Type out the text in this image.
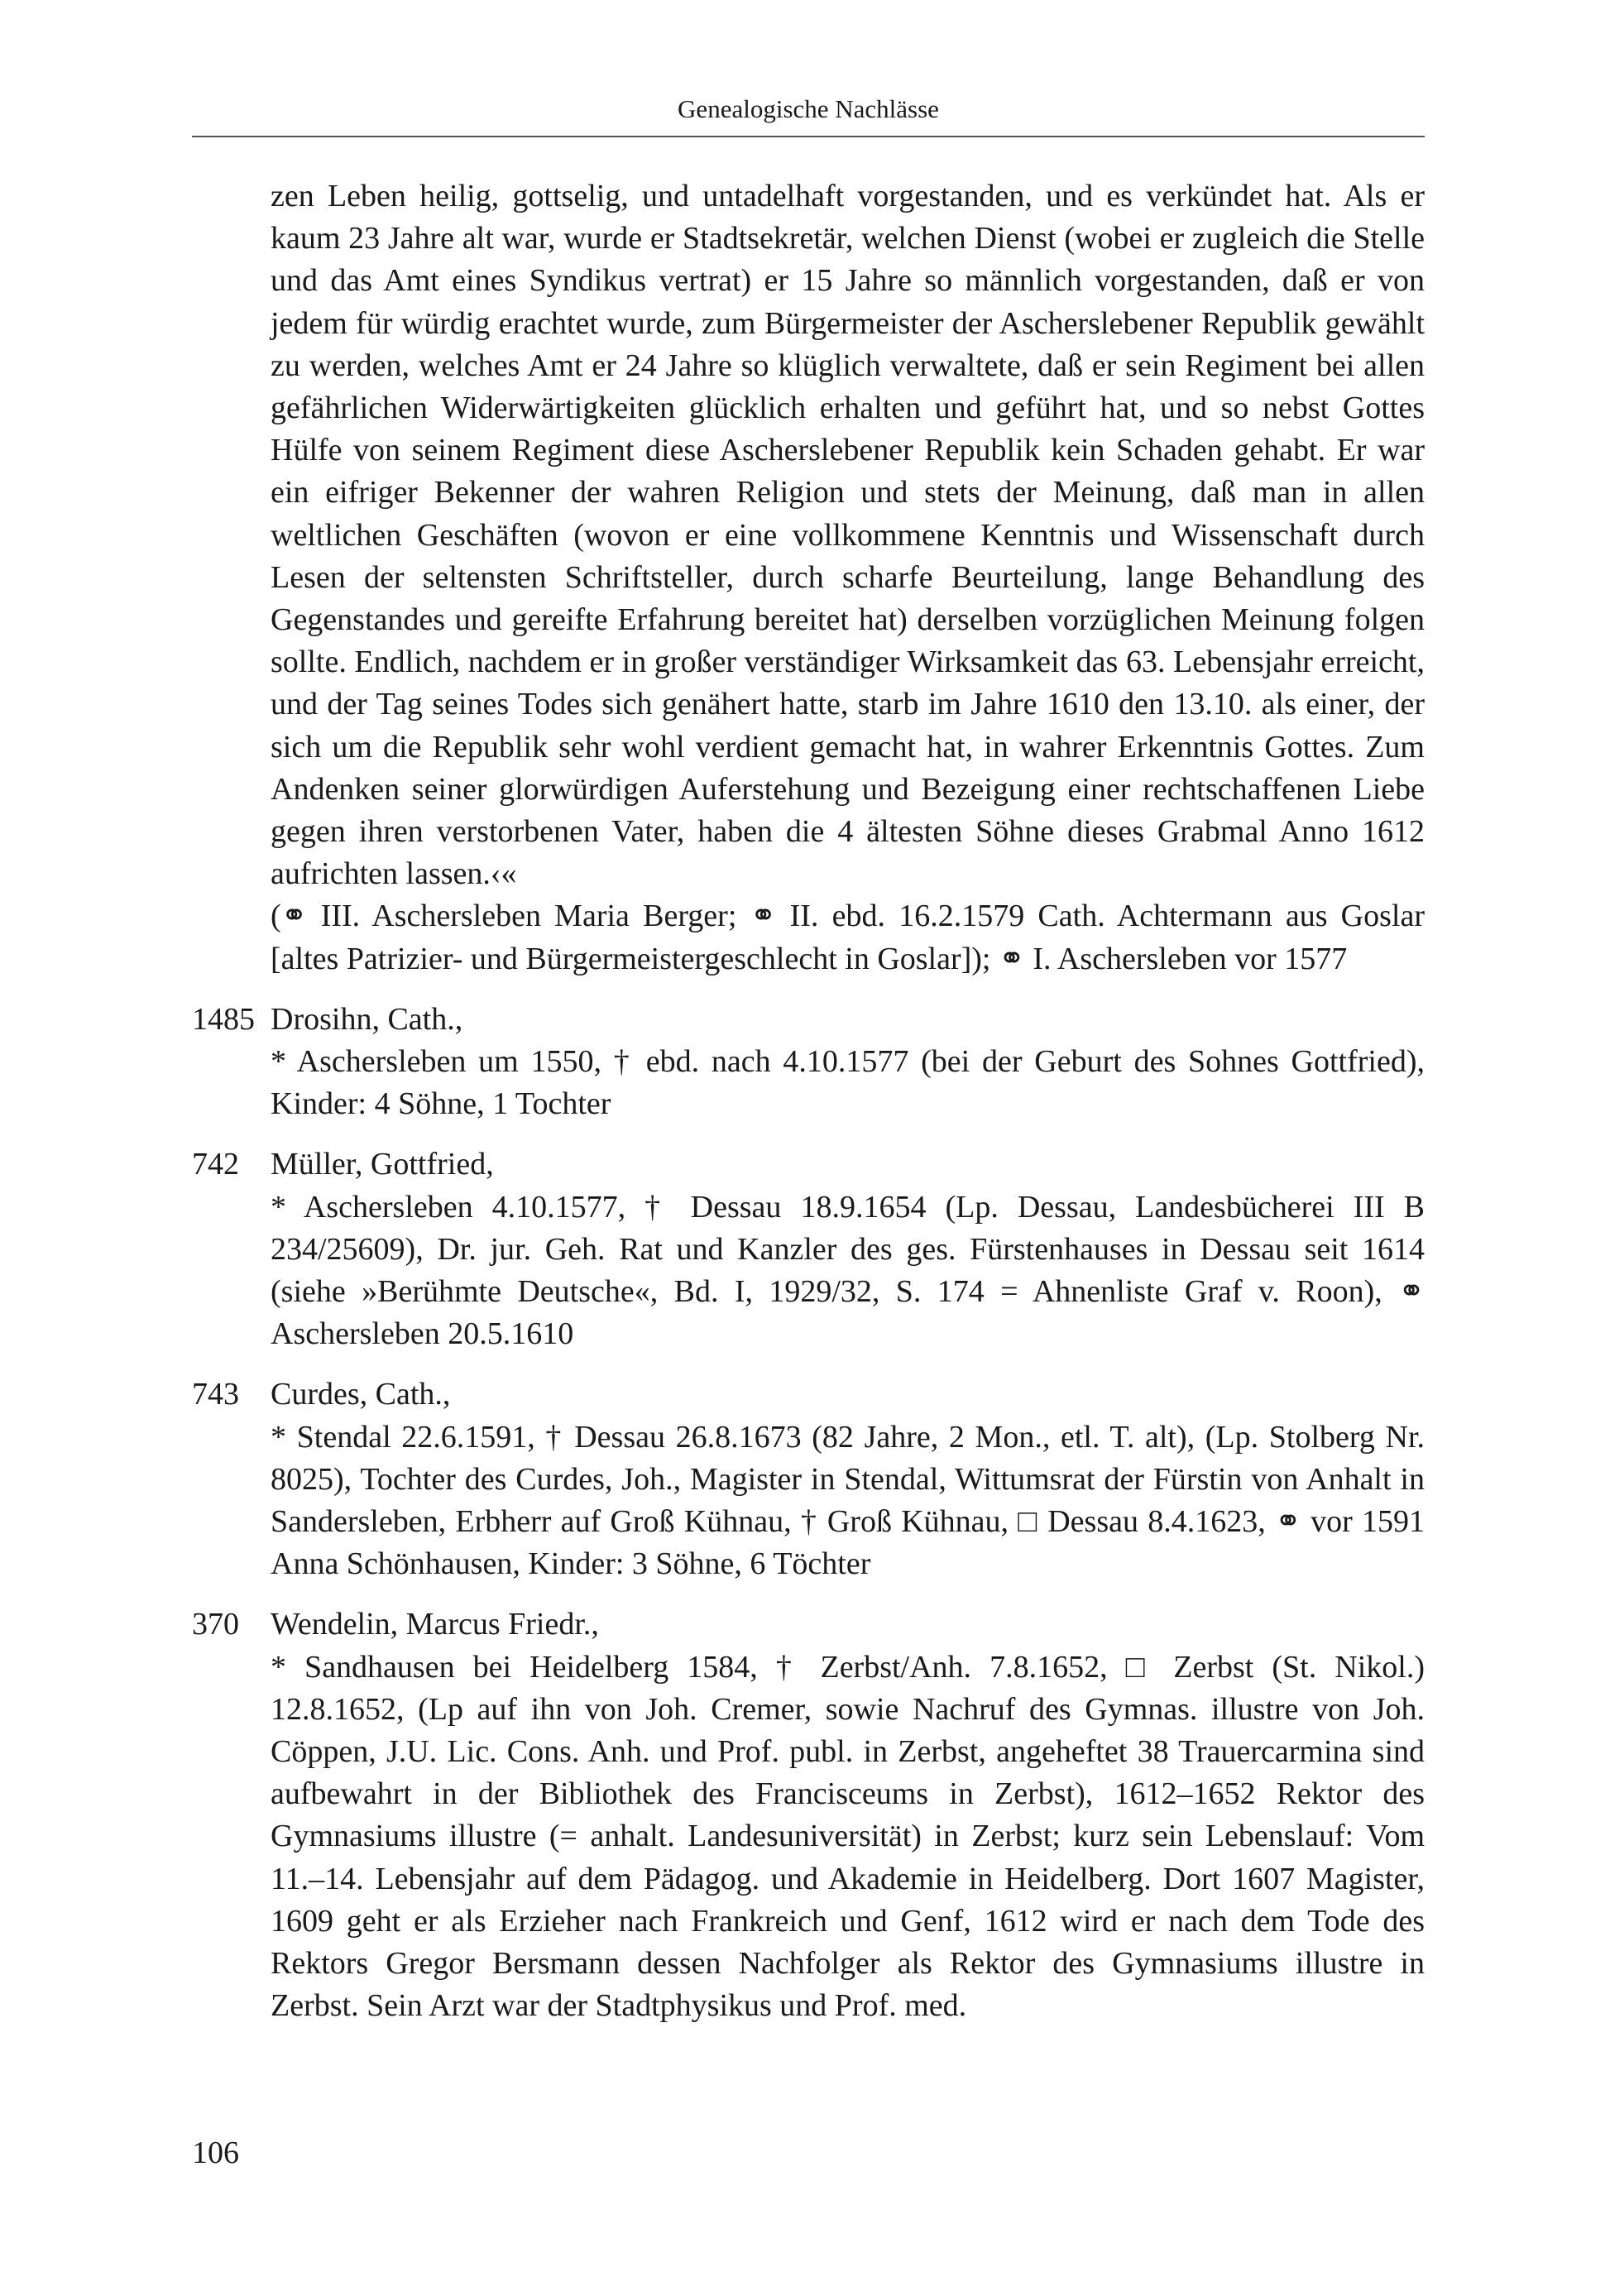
Genealogische Nachlässe

zen Leben heilig, gottselig, und untadelhaft vorgestanden, und es verkündet hat. Als er kaum 23 Jahre alt war, wurde er Stadtsekretär, welchen Dienst (wobei er zugleich die Stelle und das Amt eines Syndikus vertrat) er 15 Jahre so männlich vorgestanden, daß er von jedem für würdig erachtet wurde, zum Bürgermeister der Ascherslebener Republik gewählt zu werden, welches Amt er 24 Jahre so klüglich verwaltete, daß er sein Regiment bei allen gefährlichen Widerwärtigkeiten glücklich erhalten und geführt hat, und so nebst Gottes Hülfe von seinem Regiment diese Ascherslebener Republik kein Schaden gehabt. Er war ein eifriger Bekenner der wahren Religion und stets der Meinung, daß man in allen weltlichen Geschäften (wovon er eine vollkommene Kenntnis und Wissenschaft durch Lesen der seltensten Schriftsteller, durch scharfe Beurteilung, lange Behandlung des Gegenstandes und gereifte Erfahrung bereitet hat) derselben vorzüglichen Meinung folgen sollte. Endlich, nachdem er in großer verständiger Wirksamkeit das 63. Lebensjahr erreicht, und der Tag seines Todes sich genähert hatte, starb im Jahre 1610 den 13.10. als einer, der sich um die Republik sehr wohl verdient gemacht hat, in wahrer Erkenntnis Gottes. Zum Andenken seiner glorwürdigen Auferstehung und Bezeigung einer rechtschaffenen Liebe gegen ihren verstorbenen Vater, haben die 4 ältesten Söhne dieses Grabmal Anno 1612 aufrichten lassen.‹«

(⚭ III. Aschersleben Maria Berger; ⚭ II. ebd. 16.2.1579 Cath. Achtermann aus Goslar [altes Patrizier- und Bürgermeistergeschlecht in Goslar]); ⚭ I. Aschersleben vor 1577

1485 Drosihn, Cath.,

* Aschersleben um 1550, † ebd. nach 4.10.1577 (bei der Geburt des Sohnes Gottfried), Kinder: 4 Söhne, 1 Tochter

742 Müller, Gottfried,

* Aschersleben 4.10.1577, † Dessau 18.9.1654 (Lp. Dessau, Landesbücherei III B 234/25609), Dr. jur. Geh. Rat und Kanzler des ges. Fürstenhauses in Dessau seit 1614 (siehe »Berühmte Deutsche«, Bd. I, 1929/32, S. 174 = Ahnenliste Graf v. Roon), ⚭ Aschersleben 20.5.1610

743 Curdes, Cath.,

* Stendal 22.6.1591, † Dessau 26.8.1673 (82 Jahre, 2 Mon., etl. T. alt), (Lp. Stolberg Nr. 8025), Tochter des Curdes, Joh., Magister in Stendal, Wittumsrat der Fürstin von Anhalt in Sandersleben, Erbherr auf Groß Kühnau, † Groß Kühnau, □ Dessau 8.4.1623, ⚭ vor 1591 Anna Schönhausen, Kinder: 3 Söhne, 6 Töchter

370 Wendelin, Marcus Friedr.,

* Sandhausen bei Heidelberg 1584, † Zerbst/Anh. 7.8.1652, □ Zerbst (St. Nikol.) 12.8.1652, (Lp auf ihn von Joh. Cremer, sowie Nachruf des Gymnas. illustre von Joh. Cöppen, J.U. Lic. Cons. Anh. und Prof. publ. in Zerbst, angeheftet 38 Trauercarmina sind aufbewahrt in der Bibliothek des Francisceums in Zerbst), 1612–1652 Rektor des Gymnasiums illustre (= anhalt. Landesuniversität) in Zerbst; kurz sein Lebenslauf: Vom 11.–14. Lebensjahr auf dem Pädagog. und Akademie in Heidelberg. Dort 1607 Magister, 1609 geht er als Erzieher nach Frankreich und Genf, 1612 wird er nach dem Tode des Rektors Gregor Bersmann dessen Nachfolger als Rektor des Gymnasiums illustre in Zerbst. Sein Arzt war der Stadtphysikus und Prof. med.

106
